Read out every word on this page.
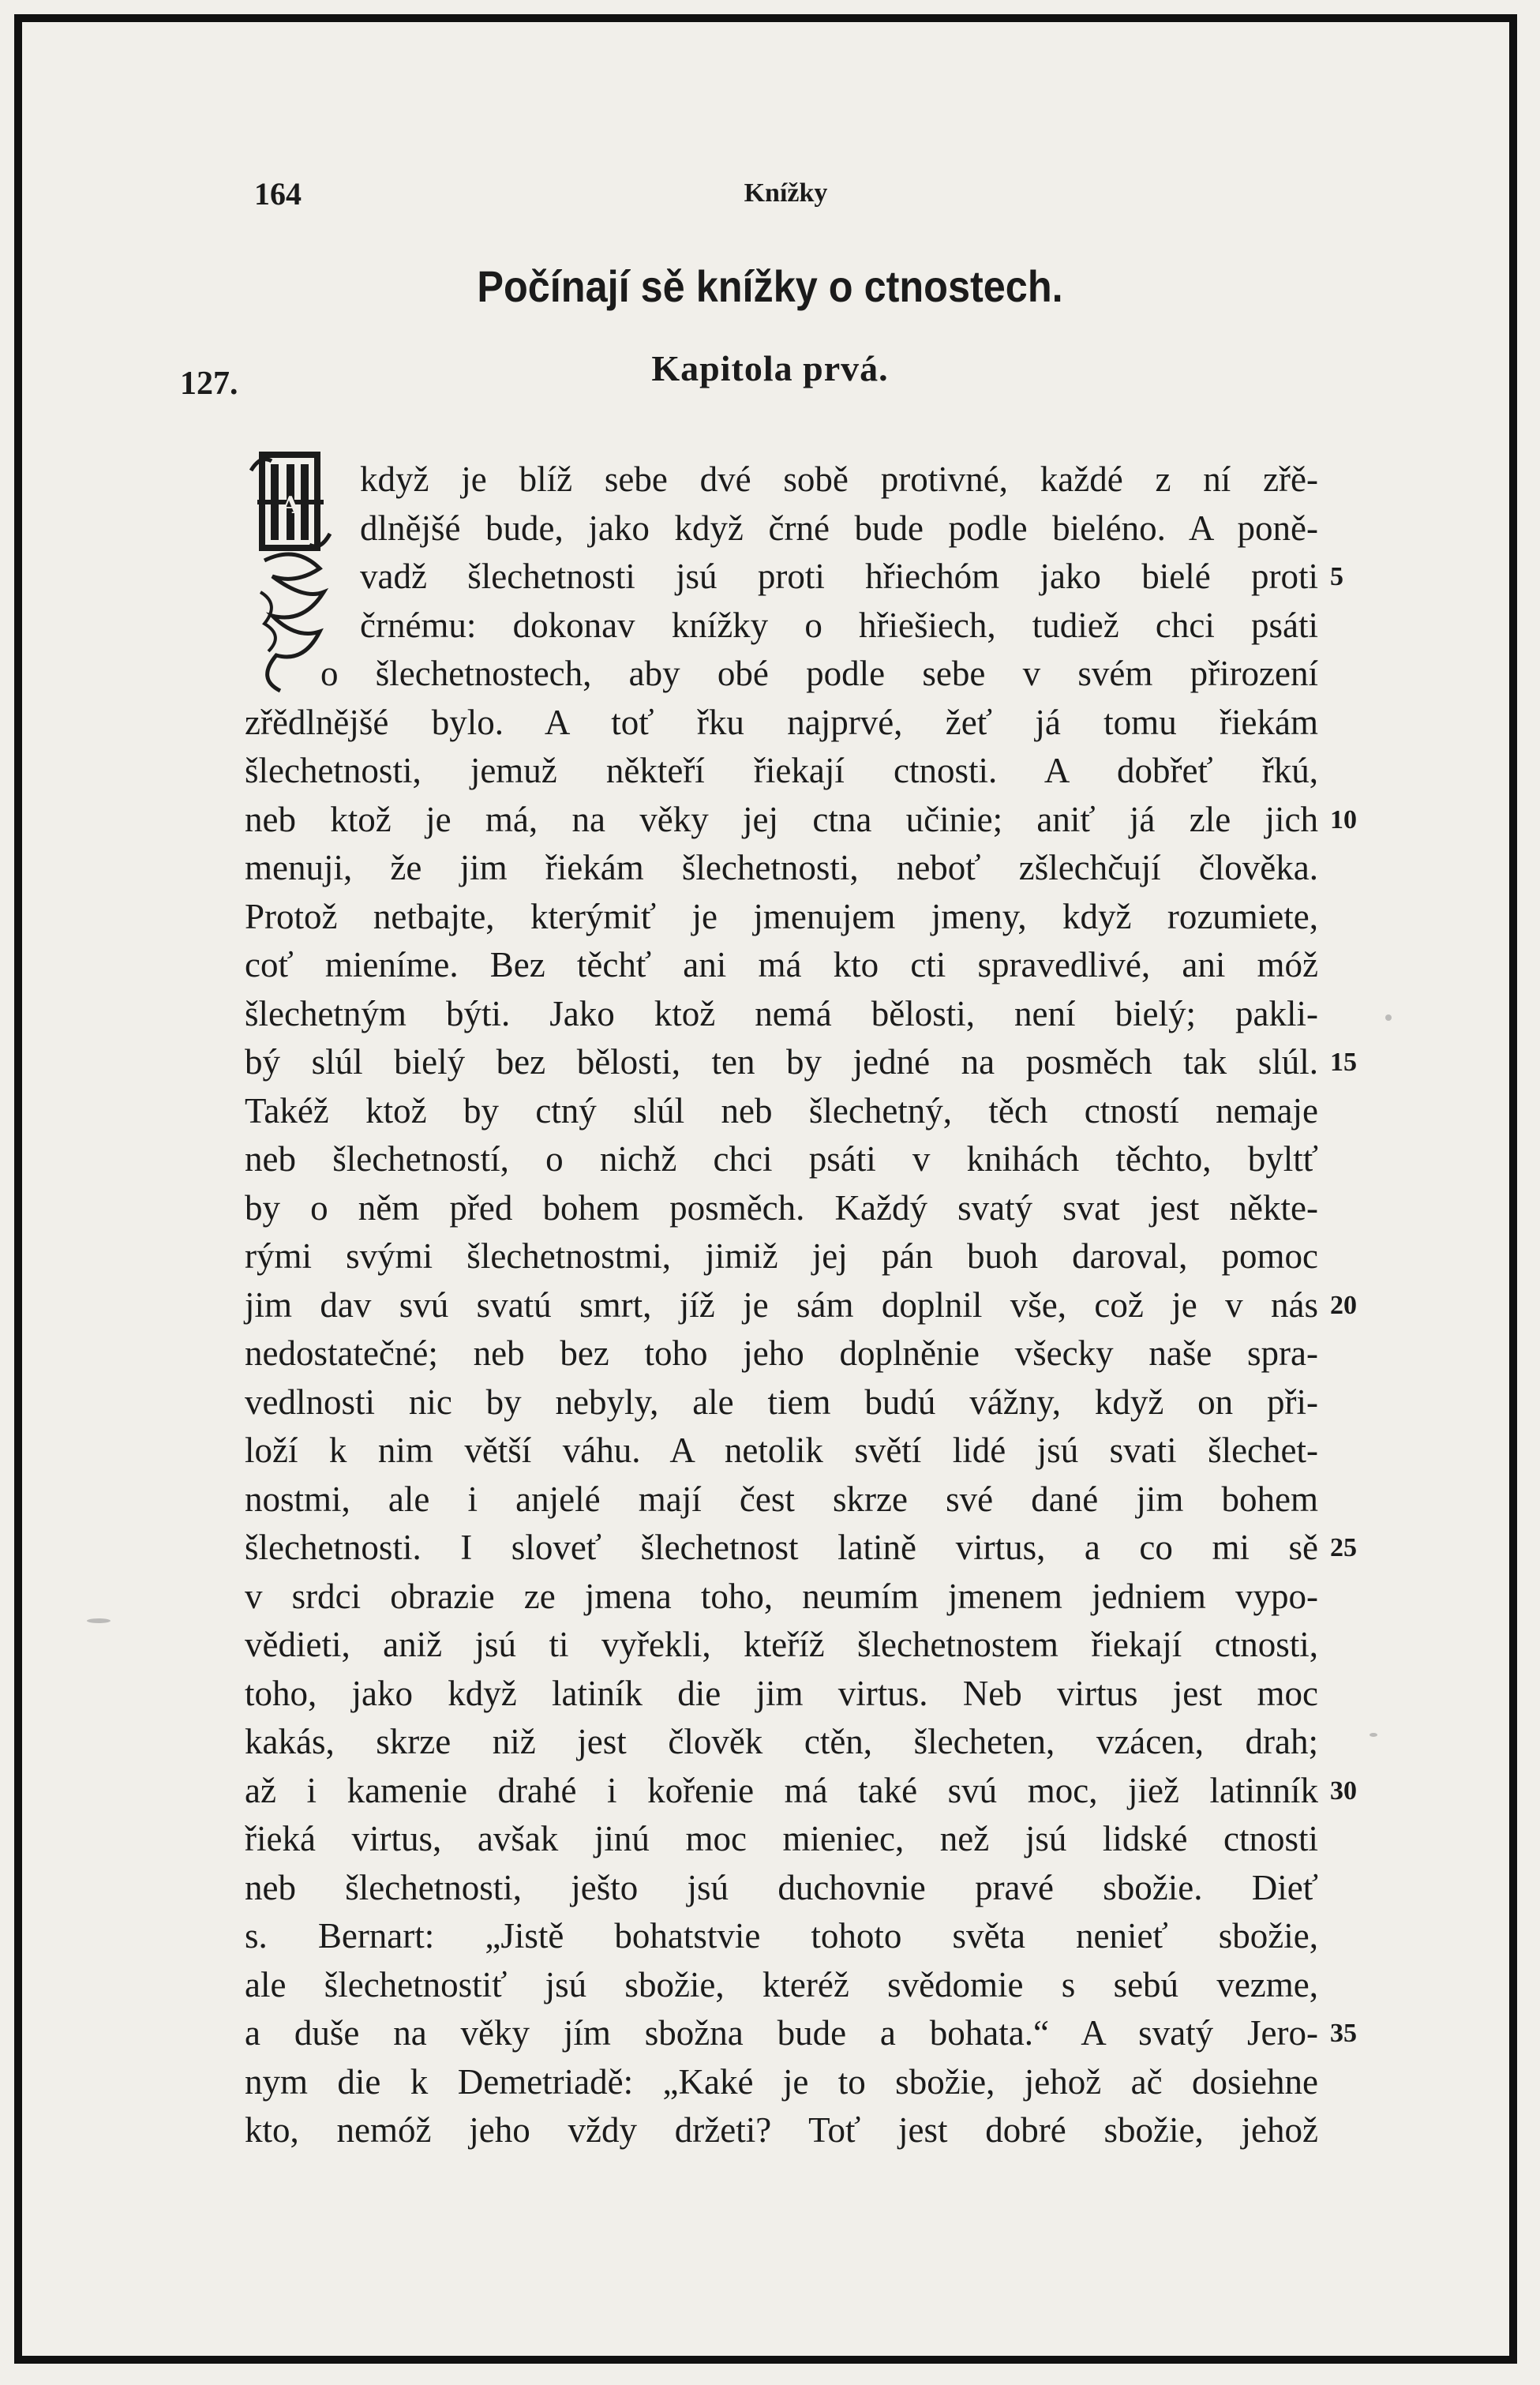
164	Knížky
Počínají sě knížky o ctnostech.
127.	Kapitola prvá.
A
když je blíž sebe dvé sobě protivné, každé z ní zřě-
dlnějšé bude, jako když črné bude podle bieléno. A poně-
vadž šlechetnosti jsú proti hřiechóm jako bielé proti 5
črnému: dokonav knížky o hřiešiech, tudiež chci psáti
o šlechetnostech, aby obé podle sebe v svém přirození
zřědlnějšé bylo. A toť řku najprvé, žeť já tomu řiekám
šlechetnosti, jemuž někteří řiekají ctnosti. A dobřeť řkú,
neb ktož je má, na věky jej ctna učinie; aniť já zle jich 10
menuji, že jim řiekám šlechetnosti, neboť zšlechčují člověka.
Protož netbajte, kterýmiť je jmenujem jmeny, když rozumiete,
coť mieníme. Bez těchť ani má kto cti spravedlivé, ani móž
šlechetným býti. Jako ktož nemá bělosti, není bielý; pakli-
bý slúl bielý bez bělosti, ten by jedné na posměch tak slúl. 15
Takéž ktož by ctný slúl neb šlechetný, těch ctností nemaje
neb šlechetností, o nichž chci psáti v knihách těchto, byltť
by o něm před bohem posměch. Každý svatý svat jest někte-
rými svými šlechetnostmi, jimiž jej pán buoh daroval, pomoc
jim dav svú svatú smrt, jíž je sám doplnil vše, což je v nás 20
nedostatečné; neb bez toho jeho doplněnie všecky naše spra-
vedlnosti nic by nebyly, ale tiem budú vážny, když on při-
loží k nim větší váhu. A netolik světí lidé jsú svati šlechet-
nostmi, ale i anjelé mají čest skrze své dané jim bohem
šlechetnosti. I sloveť šlechetnost latině virtus, a co mi sě 25
v srdci obrazie ze jmena toho, neumím jmenem jedniem vypo-
vědieti, aniž jsú ti vyřekli, kteříž šlechetnostem řiekají ctnosti,
toho, jako když latiník die jim virtus. Neb virtus jest moc
kakás, skrze niž jest člověk ctěn, šlecheten, vzácen, drah;
až i kamenie drahé i kořenie má také svú moc, jiež latinník 30
řieká virtus, avšak jinú moc mieniec, než jsú lidské ctnosti
neb šlechetnosti, ješto jsú duchovnie pravé sbožie. Dieť
s. Bernart: „Jistě bohatstvie tohoto světa nenieť sbožie,
ale šlechetnostiť jsú sbožie, kteréž svědomie s sebú vezme,
a duše na věky jím sbožna bude a bohata.“ A svatý Jero- 35
nym die k Demetriadě: „Kaké je to sbožie, jehož ač dosiehne
kto, nemóž jeho vždy držeti? Toť jest dobré sbožie, jehož
